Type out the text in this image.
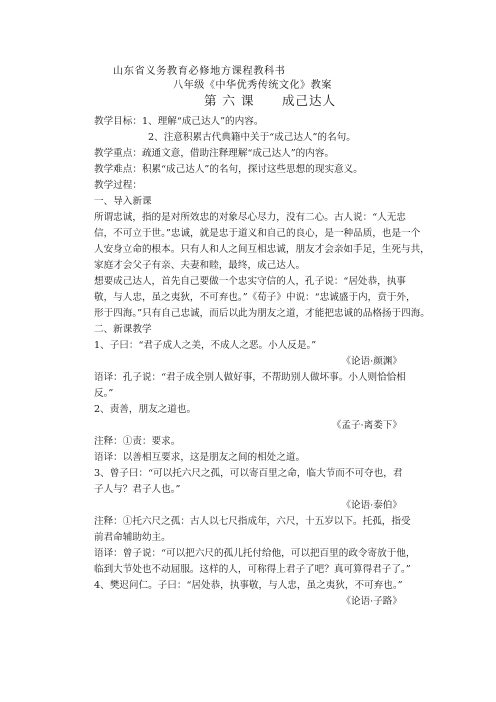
山东省义务教育必修地方课程教科书
八年级《中华优秀传统文化》教案
第 六 课 成己达人
教学目标：1、理解“成己达人”的内容。
2、注意积累古代典籍中关于“成己达人”的名句。
教学重点：疏通文意，借助注释理解“成己达人”的内容。
教学难点：积累“成己达人”的名句，探讨这些思想的现实意义。
教学过程：
一、导入新课
所谓忠诚，指的是对所效忠的对象尽心尽力，没有二心。古人说：“人无忠
信，不可立于世。”忠诚，就是忠于道义和自己的良心，是一种品质，也是一个
人安身立命的根本。只有人和人之间互相忠诚，朋友才会亲如手足，生死与共，
家庭才会父子有亲、夫妻和睦，最终，成己达人。
想要成己达人，首先自己要做一个忠实守信的人，孔子说：“居处恭，执事
敬，与人忠，虽之夷狄，不可弃也。”《荀子》中说：“忠诚盛于内，贲于外，
形于四海。”只有自己忠诚，而后以此为朋友之道，才能把忠诚的品格扬于四海。
二、新课教学
1、子曰：“君子成人之美，不成人之恶。小人反是。”
《论语·颜渊》
语译：孔子说：“君子成全别人做好事，不帮助别人做坏事。小人则恰恰相
反。”
2、责善，朋友之道也。
《孟子·离娄下》
注释：①责：要求。
语译：以善相互要求，这是朋友之间的相处之道。
3、曾子曰：“可以托六尺之孤，可以寄百里之命，临大节而不可夺也，君
子人与？君子人也。”
《论语·泰伯》
注释：①托六尺之孤：古人以七尺指成年，六尺，十五岁以下。托孤，指受
前君命辅助幼主。
语译：曾子说：“可以把六尺的孤儿托付给他，可以把百里的政令寄放于他，
临到大节处也不动屈服。这样的人，可称得上君子了吧？真可算得君子了。”
4、樊迟问仁。子曰：“居处恭，执事敬，与人忠，虽之夷狄，不可弃也。”
《论语·子路》
